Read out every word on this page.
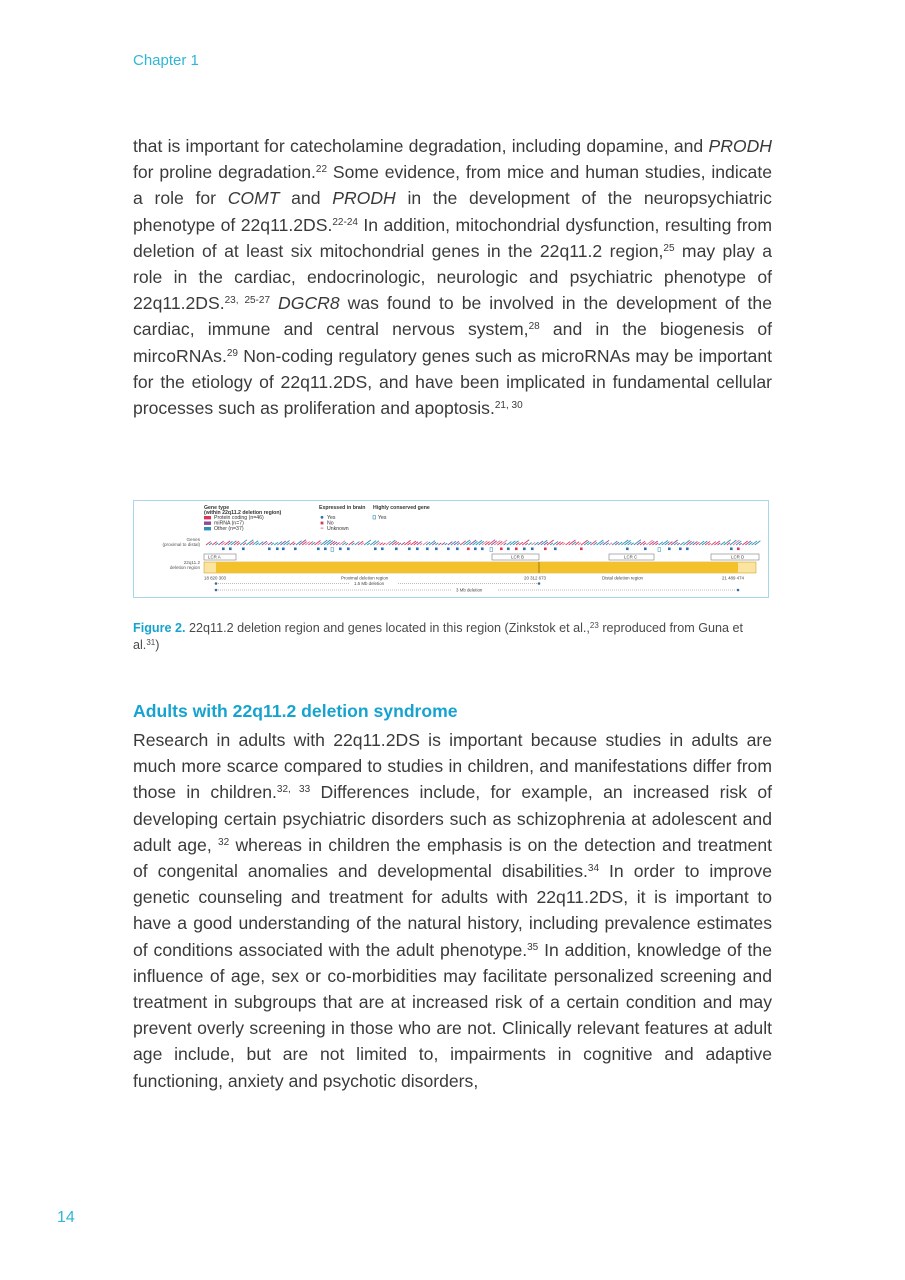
Chapter 1

that is important for catecholamine degradation, including dopamine, and PRODH for proline degradation.$^{22}$ Some evidence, from mice and human studies, indicate a role for COMT and PRODH in the development of the neuropsychiatric phenotype of 22q11.2DS.$^{22-24}$ In addition, mitochondrial dysfunction, resulting from deletion of at least six mitochondrial genes in the 22q11.2 region,$^{25}$ may play a role in the cardiac, endocrinologic, neurologic and psychiatric phenotype of 22q11.2DS.$^{23, 25-27}$ DGCR8 was found to be involved in the development of the cardiac, immune and central nervous system,$^{28}$ and in the biogenesis of mircoRNAs.$^{29}$ Non-coding regulatory genes such as microRNAs may be important for the etiology of 22q11.2DS, and have been implicated in fundamental cellular processes such as proliferation and apoptosis.$^{21, 30}$

Gene type
(within 22q11.2 deletion region)
Protein coding (n=46)
miRNA (n=7)
Other (n=37)
Expressed in brain
Yes
No
Unknown
Highly conserved gene
Yes
Genes
(proximal to distal)
22q11.2
deletion region
LCR A	LCR B	LCR C	LCR D
18 820 303	Proximal deletion region	20 312 673	Distal deletion region	21 489 474
1.5 Mb deletion
3 Mb deletion

Figure 2. 22q11.2 deletion region and genes located in this region (Zinkstok et al.,$^{23}$ reproduced from Guna et al.$^{31}$)

Adults with 22q11.2 deletion syndrome

Research in adults with 22q11.2DS is important because studies in adults are much more scarce compared to studies in children, and manifestations differ from those in children.$^{32, 33}$ Differences include, for example, an increased risk of developing certain psychiatric disorders such as schizophrenia at adolescent and adult age, $^{32}$ whereas in children the emphasis is on the detection and treatment of congenital anomalies and developmental disabilities.$^{34}$ In order to improve genetic counseling and treatment for adults with 22q11.2DS, it is important to have a good understanding of the natural history, including prevalence estimates of conditions associated with the adult phenotype.$^{35}$ In addition, knowledge of the influence of age, sex or co-morbidities may facilitate personalized screening and treatment in subgroups that are at increased risk of a certain condition and may prevent overly screening in those who are not. Clinically relevant features at adult age include, but are not limited to, impairments in cognitive and adaptive functioning, anxiety and psychotic disorders,

14
